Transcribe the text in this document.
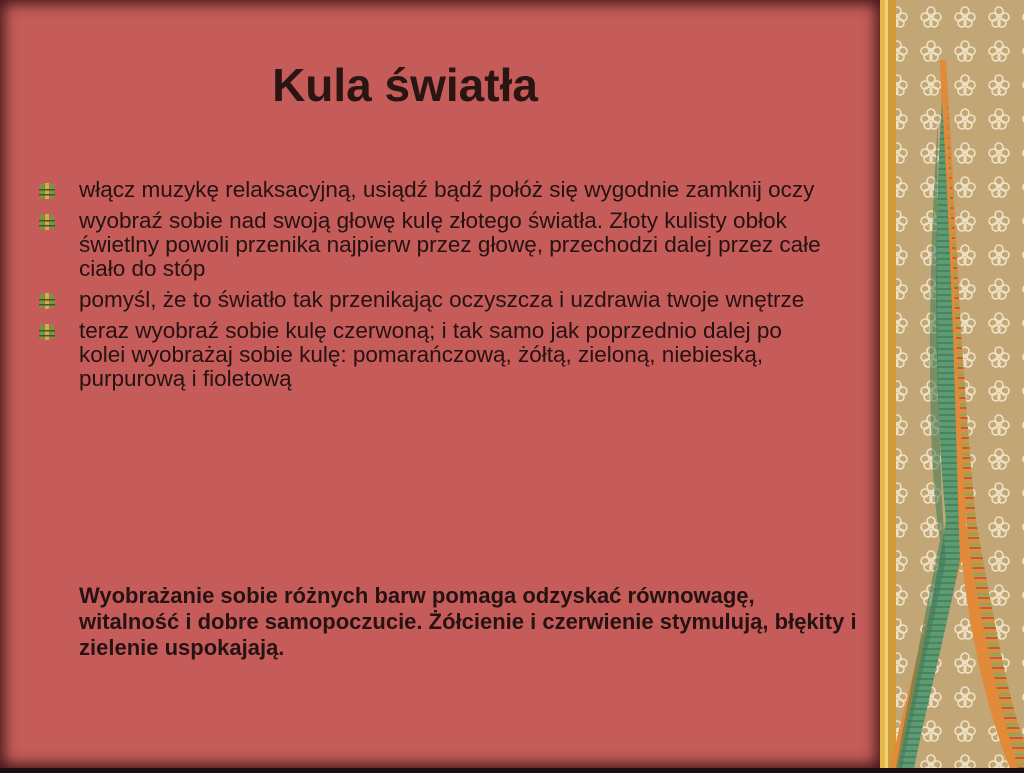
Kula światła
włącz muzykę relaksacyjną, usiądź bądź połóż się wygodnie zamknij oczy
wyobraź sobie nad swoją głowę kulę złotego światła. Złoty kulisty obłok świetlny powoli przenika najpierw przez głowę, przechodzi dalej przez całe ciało do stóp
pomyśl, że to światło tak przenikając oczyszcza i uzdrawia twoje wnętrze
teraz wyobraź sobie kulę czerwoną; i tak samo jak poprzednio dalej po kolei wyobrażaj sobie kulę: pomarańczową, żółtą, zieloną, niebieską, purpurową i fioletową

Wyobrażanie sobie różnych barw pomaga odzyskać równowagę, witalność i dobre samopoczucie. Żółcienie i czerwienie stymulują, błękity i zielenie uspokajają.
